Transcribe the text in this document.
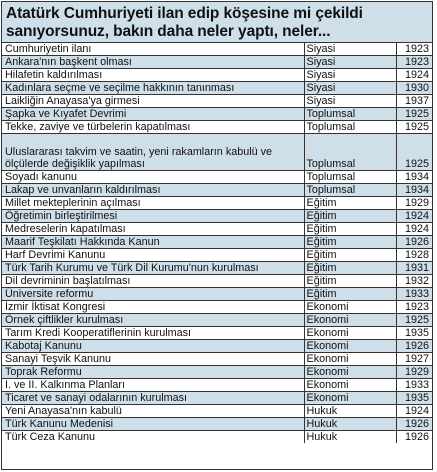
Atatürk Cumhuriyeti ilan edip köşesine mi çekildi sanıyorsunuz, bakın daha neler yaptı, neler...
Cumhuriyetin ilanı	Siyasi	1923
Ankara'nın başkent olması	Siyasi	1923
Hilafetin kaldırılması	Siyasi	1924
Kadınlara seçme ve seçilme hakkının tanınması	Siyasi	1930
Laikliğin Anayasa'ya girmesi	Siyasi	1937
Şapka ve Kıyafet Devrimi	Toplumsal	1925
Tekke, zaviye ve türbelerin kapatılması	Toplumsal	1925
Uluslararası takvim ve saatin, yeni rakamların kabulü ve ölçülerde değişiklik yapılması	Toplumsal	1925
Soyadı kanunu	Toplumsal	1934
Lakap ve unvanların kaldırılması	Toplumsal	1934
Millet mekteplerinin açılması	Eğitim	1929
Öğretimin birleştirilmesi	Eğitim	1924
Medreselerin kapatılması	Eğitim	1924
Maarif Teşkilatı Hakkında Kanun	Eğitim	1926
Harf Devrimi Kanunu	Eğitim	1928
Türk Tarih Kurumu ve Türk Dil Kurumu'nun kurulması	Eğitim	1931
Dil devriminin başlatılması	Eğitim	1932
Üniversite reformu	Eğitim	1933
İzmir İktisat Kongresi	Ekonomi	1923
Örnek çiftlikler kurulması	Ekonomi	1925
Tarım Kredi Kooperatiflerinin kurulması	Ekonomi	1935
Kabotaj Kanunu	Ekonomi	1926
Sanayi Teşvik Kanunu	Ekonomi	1927
Toprak Reformu	Ekonomi	1929
I. ve II. Kalkınma Planları	Ekonomi	1933
Ticaret ve sanayi odalarının kurulması	Ekonomi	1935
Yeni Anayasa'nın kabulü	Hukuk	1924
Türk Kanunu Medenisi	Hukuk	1926
Türk Ceza Kanunu	Hukuk	1926
